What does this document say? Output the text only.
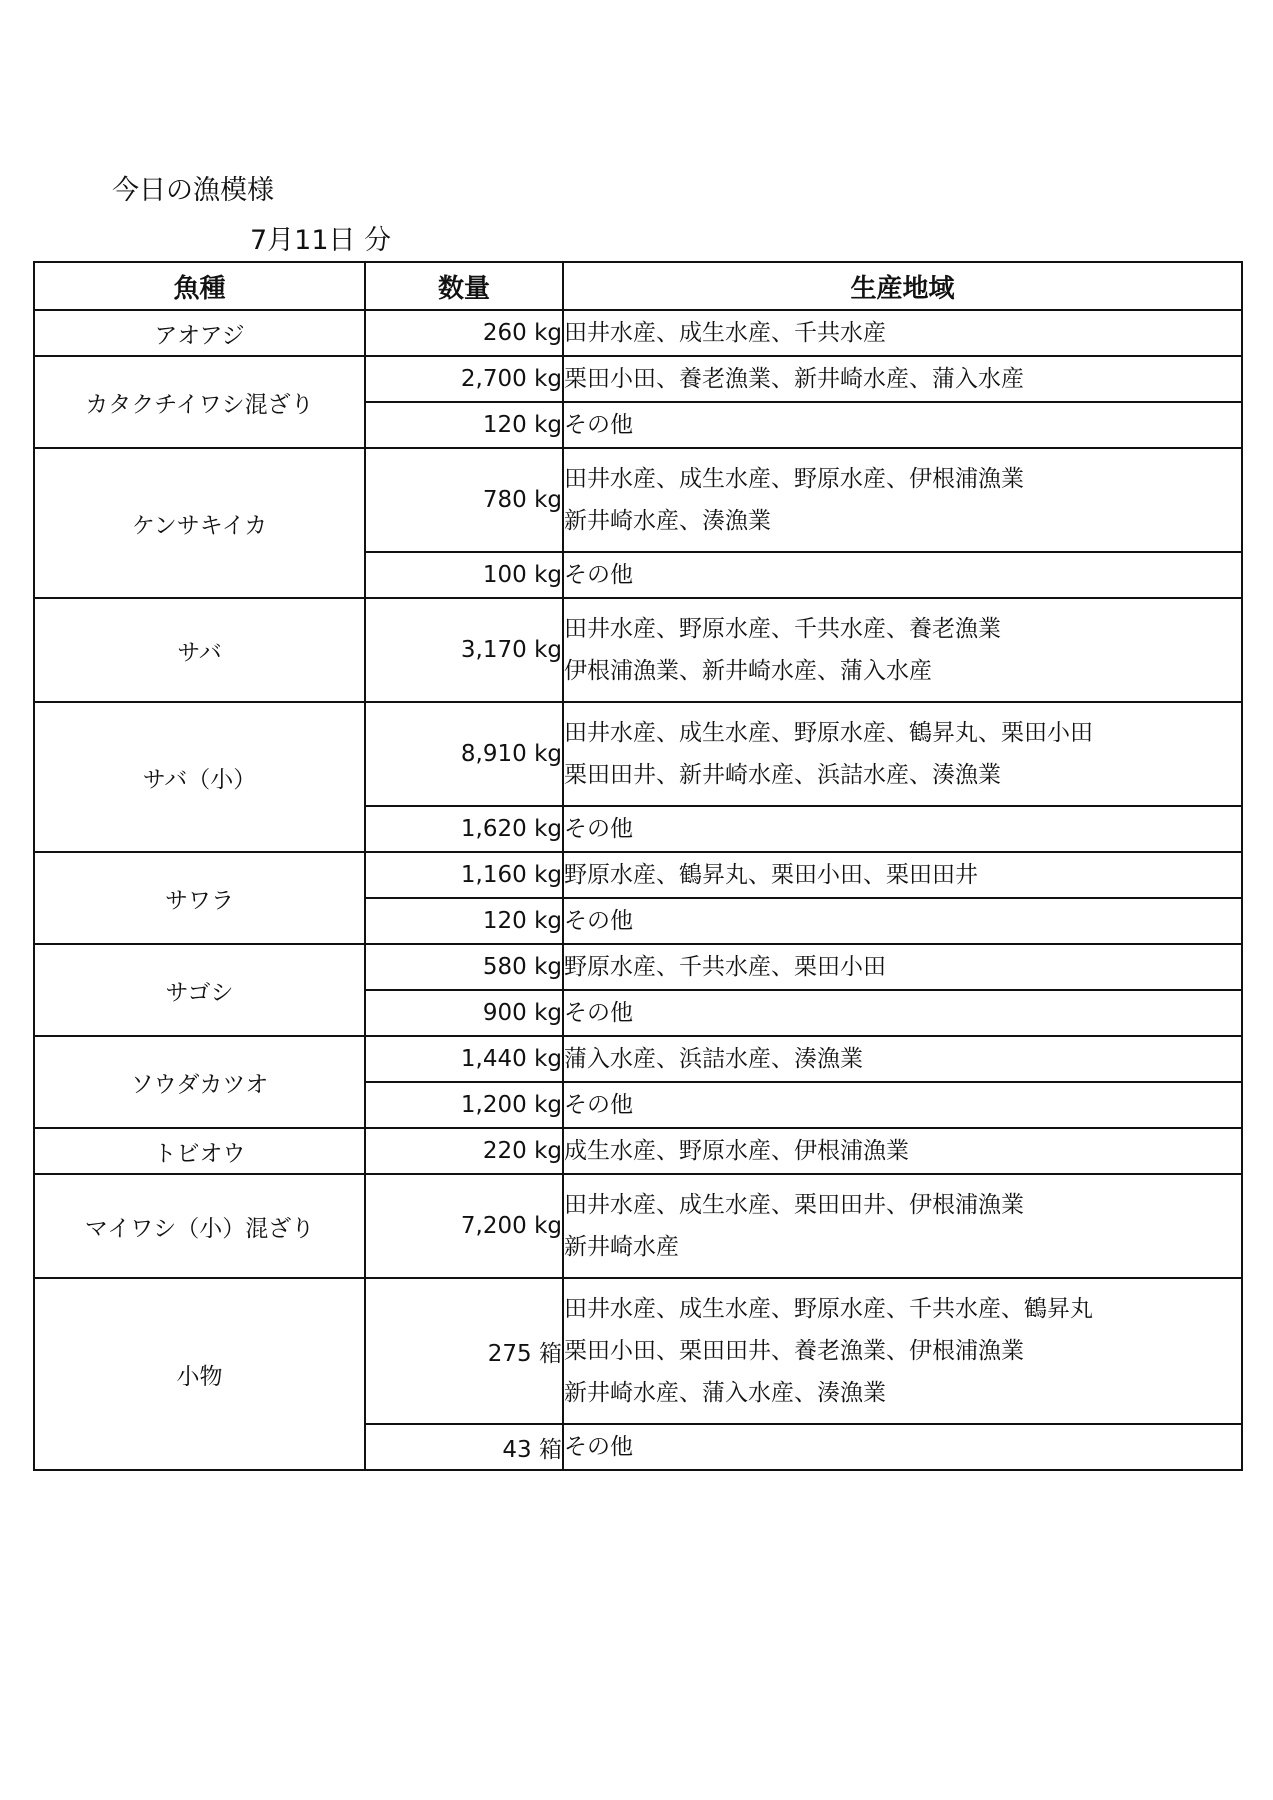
今日の漁模様
7月11日 分
魚種	数量	生産地域
アオアジ	260 kg	田井水産、成生水産、千共水産

カタクチイワシ混ざり	2,700 kg	栗田小田、養老漁業、新井崎水産、蒲入水産

	120 kg	その他

ケンサキイカ	780 kg	田井水産、成生水産、野原水産、伊根浦漁業
新井崎水産、湊漁業

	100 kg	その他

サバ	3,170 kg	田井水産、野原水産、千共水産、養老漁業
伊根浦漁業、新井崎水産、蒲入水産

サバ（小）	8,910 kg	田井水産、成生水産、野原水産、鶴昇丸、栗田小田
栗田田井、新井崎水産、浜詰水産、湊漁業

	1,620 kg	その他

サワラ	1,160 kg	野原水産、鶴昇丸、栗田小田、栗田田井

	120 kg	その他

サゴシ	580 kg	野原水産、千共水産、栗田小田

	900 kg	その他

ソウダカツオ	1,440 kg	蒲入水産、浜詰水産、湊漁業

	1,200 kg	その他

トビオウ	220 kg	成生水産、野原水産、伊根浦漁業

マイワシ（小）混ざり	7,200 kg	田井水産、成生水産、栗田田井、伊根浦漁業
新井崎水産

小物	275 箱	田井水産、成生水産、野原水産、千共水産、鶴昇丸
栗田小田、栗田田井、養老漁業、伊根浦漁業
新井崎水産、蒲入水産、湊漁業

	43 箱	その他
